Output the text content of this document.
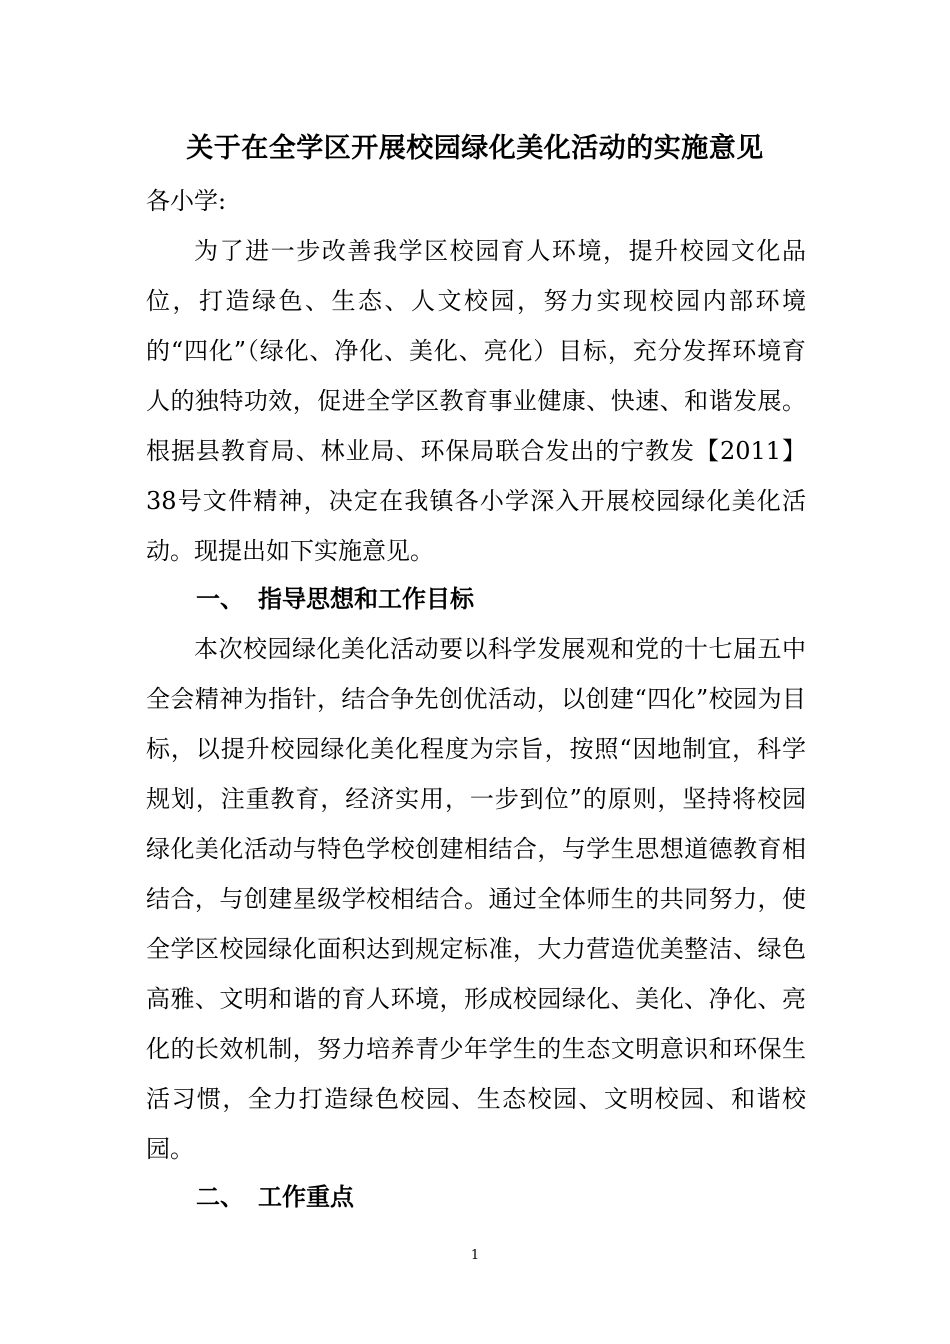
关于在全学区开展校园绿化美化活动的实施意见
各小学:

为了进一步改善我学区校园育人环境，提升校园文化品位，打造绿色、生态、人文校园，努力实现校园内部环境的“四化”（绿化、净化、美化、亮化）目标，充分发挥环境育人的独特功效，促进全学区教育事业健康、快速、和谐发展。根据县教育局、林业局、环保局联合发出的宁教发【2011】38号文件精神，决定在我镇各小学深入开展校园绿化美化活动。现提出如下实施意见。

一、 指导思想和工作目标

本次校园绿化美化活动要以科学发展观和党的十七届五中全会精神为指针，结合争先创优活动，以创建“四化”校园为目标，以提升校园绿化美化程度为宗旨，按照“因地制宜，科学规划，注重教育，经济实用，一步到位”的原则，坚持将校园绿化美化活动与特色学校创建相结合，与学生思想道德教育相结合，与创建星级学校相结合。通过全体师生的共同努力，使全学区校园绿化面积达到规定标准，大力营造优美整洁、绿色高雅、文明和谐的育人环境，形成校园绿化、美化、净化、亮化的长效机制，努力培养青少年学生的生态文明意识和环保生活习惯，全力打造绿色校园、生态校园、文明校园、和谐校园。

二、 工作重点
1
